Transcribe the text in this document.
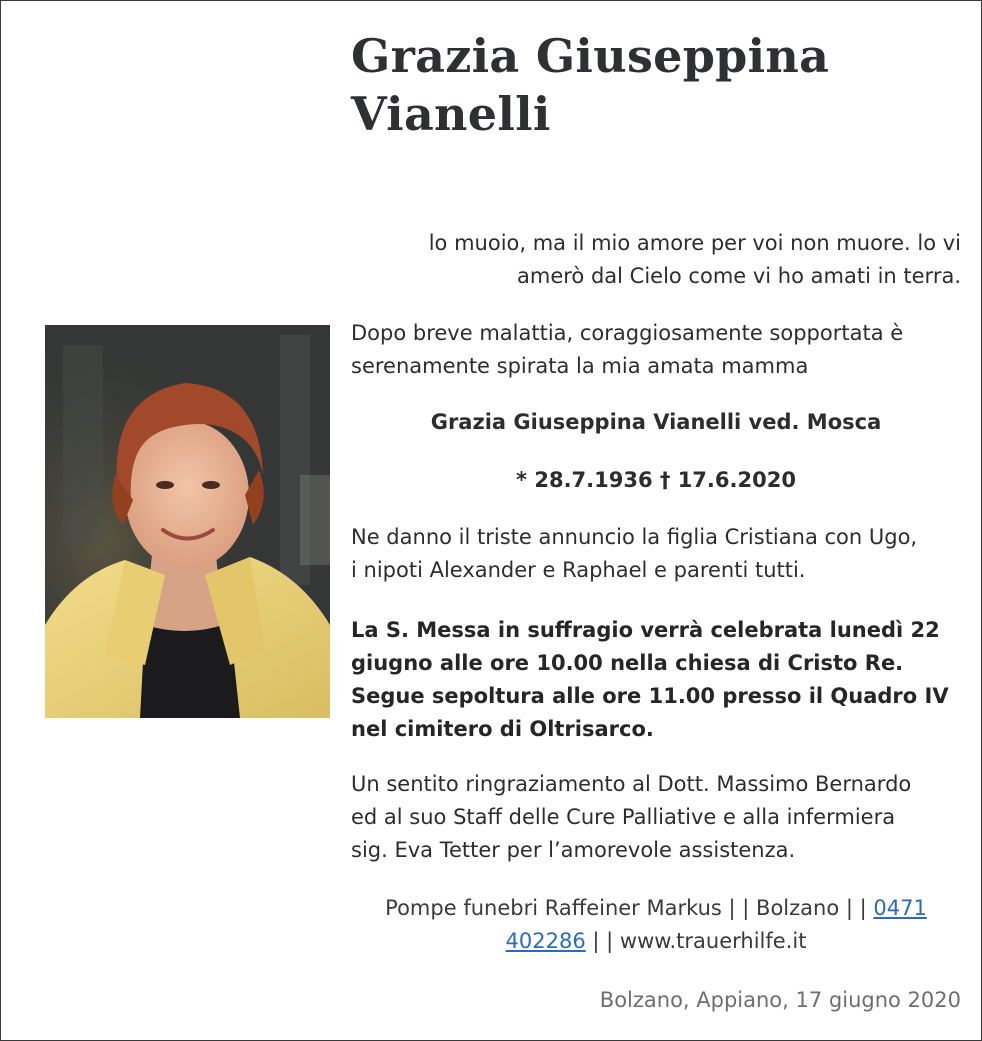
Grazia Giuseppina
Vianelli
lo muoio, ma il mio amore per voi non muore. lo vi
amerò dal Cielo come vi ho amati in terra.
Dopo breve malattia, coraggiosamente sopportata è
serenamente spirata la mia amata mamma
Grazia Giuseppina Vianelli ved. Mosca
* 28.7.1936 † 17.6.2020
Ne danno il triste annuncio la figlia Cristiana con Ugo,
i nipoti Alexander e Raphael e parenti tutti.
La S. Messa in suffragio verrà celebrata lunedì 22
giugno alle ore 10.00 nella chiesa di Cristo Re.
Segue sepoltura alle ore 11.00 presso il Quadro IV
nel cimitero di Oltrisarco.
Un sentito ringraziamento al Dott. Massimo Bernardo
ed al suo Staff delle Cure Palliative e alla infermiera
sig. Eva Tetter per l’amorevole assistenza.
Pompe funebri Raffeiner Markus | | Bolzano | | 0471
402286 | | www.trauerhilfe.it
Bolzano, Appiano, 17 giugno 2020
